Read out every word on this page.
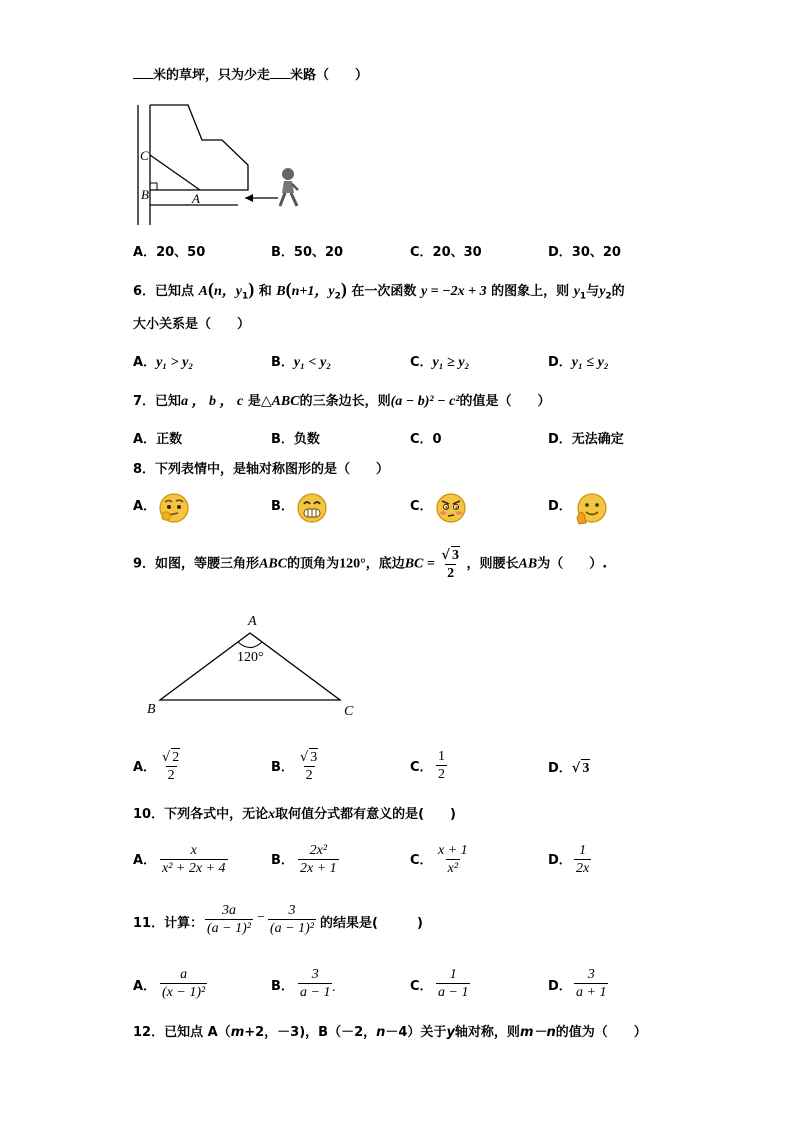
米的草坪，只为少走 米路（　　）
C
B	A
A．20、50	B．50、20	C．20、30	D．30、20
6．已知点 A(n，$y_1$) 和 B(n+1，$y_2$) 在一次函数 y = −2x + 3 的图象上，则 $y_1$与$y_2$的
大小关系是（　　）
A．y₁ > y₂	B．y₁ < y₂	C．y₁ ≥ y₂	D．y₁ ≤ y₂
7．已知a ， b ， c 是△ABC的三条边长，则(a − b)² − c²的值是（　　）
A．正数	B．负数	C．0	D．无法确定
8．下列表情中，是轴对称图形的是（　　）
A．	B．	C．	D．
9．如图，等腰三角形ABC的顶角为120°，底边BC = $\frac{√ 3}{2}$ ，则腰长AB为（　　）.
A
B	C
120°
A． $\frac{√ 2}{2}$	B． $\frac{√ 3}{2}$	C． $\frac{1}{2}$	D．√ 3
10．下列各式中，无论x取何值分式都有意义的是(　　)
A． $\frac{x}{\text{x² + 2x + 4}}$	B． $\frac{\text{2x²}}{2x + 1}$	C． $\frac{x + 1}{\text{x²}}$	D． $\frac{1}{2x}$
11．计算： $\frac{3a}{\text{(a − 1)²}} - \frac{3}{\text{(a − 1)²}}$ 的结果是(　　　)
A． $\frac{a}{\text{(x − 1)²}}$	B． $\frac{3}{a - 1}$ .	C． $\frac{1}{a - 1}$	D． $\frac{3}{a + 1}$
12．已知点 A（m+2，－3)，B（－2，n－4）关于y轴对称，则m－n的值为（　　）
